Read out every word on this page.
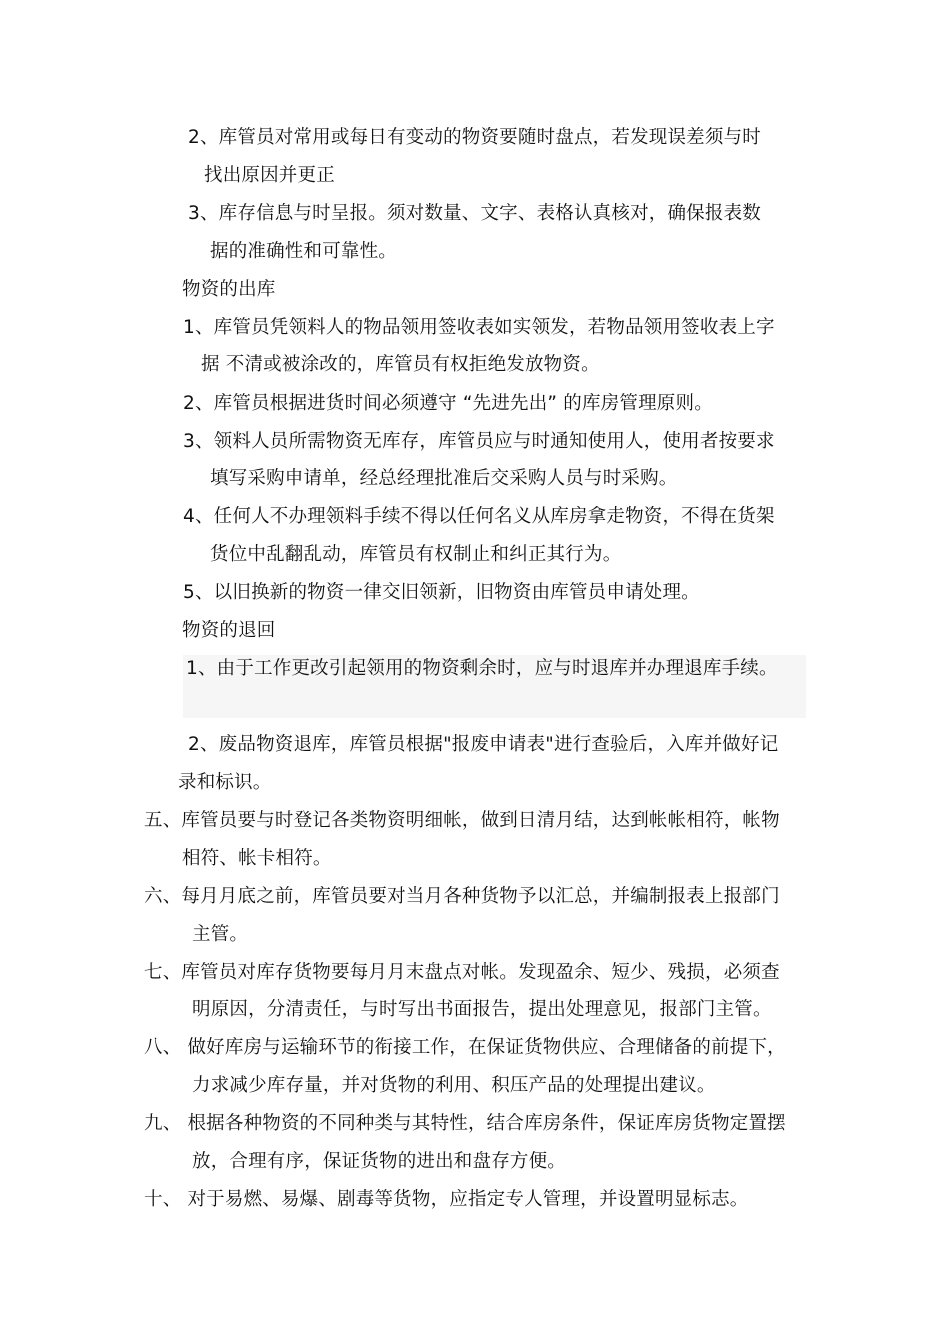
2、库管员对常用或每日有变动的物资要随时盘点，若发现误差须与时

找出原因并更正

3、库存信息与时呈报。须对数量、文字、表格认真核对，确保报表数

据的准确性和可靠性。

物资的出库

1、库管员凭领料人的物品领用签收表如实领发，若物品领用签收表上字

据 不清或被涂改的，库管员有权拒绝发放物资。

2、库管员根据进货时间必须遵守 “先进先出” 的库房管理原则。

3、领料人员所需物资无库存，库管员应与时通知使用人，使用者按要求

填写采购申请单，经总经理批准后交采购人员与时采购。

4、任何人不办理领料手续不得以任何名义从库房拿走物资，不得在货架

货位中乱翻乱动，库管员有权制止和纠正其行为。

5、以旧换新的物资一律交旧领新，旧物资由库管员申请处理。

物资的退回

1、由于工作更改引起领用的物资剩余时，应与时退库并办理退库手续。

2、废品物资退库，库管员根据"报废申请表"进行查验后，入库并做好记

录和标识。

五、库管员要与时登记各类物资明细帐，做到日清月结，达到帐帐相符，帐物

相符、帐卡相符。

六、每月月底之前，库管员要对当月各种货物予以汇总，并编制报表上报部门

主管。

七、库管员对库存货物要每月月末盘点对帐。发现盈余、短少、残损，必须查

明原因，分清责任，与时写出书面报告，提出处理意见，报部门主管。

八、 做好库房与运输环节的衔接工作，在保证货物供应、合理储备的前提下，

力求减少库存量，并对货物的利用、积压产品的处理提出建议。

九、 根据各种物资的不同种类与其特性，结合库房条件，保证库房货物定置摆

放，合理有序，保证货物的进出和盘存方便。

十、 对于易燃、易爆、剧毒等货物，应指定专人管理，并设置明显标志。
